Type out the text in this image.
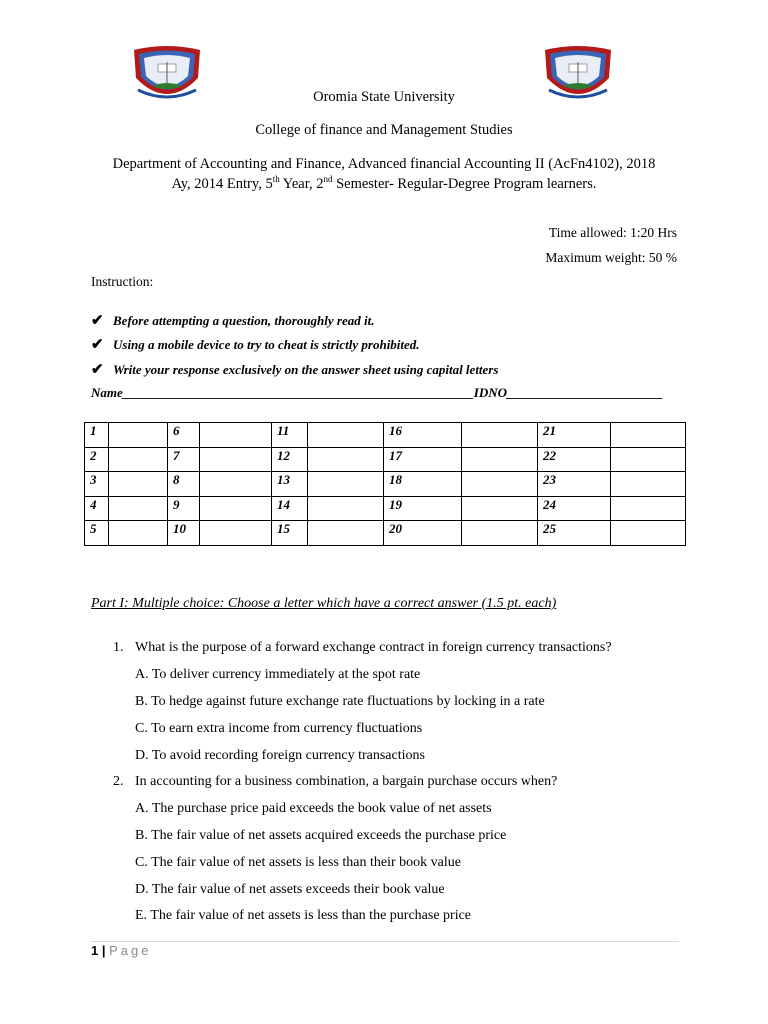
Oromia State University
College of finance and Management Studies
Department of Accounting and Finance, Advanced financial Accounting II (AcFn4102), 2018
Ay, 2014 Entry, 5th Year, 2nd Semester- Regular-Degree Program learners.
Time allowed: 1:20 Hrs
Maximum weight: 50 %
Instruction:
✔ Before attempting a question, thoroughly read it.
✔ Using a mobile device to try to cheat is strictly prohibited.
✔ Write your response exclusively on the answer sheet using capital letters
Name______________________________________________________IDNO________________________
1		6		11		16		21	
2		7		12		17		22	
3		8		13		18		23	
4		9		14		19		24	
5		10		15		20		25	
Part I: Multiple choice: Choose a letter which have a correct answer (1.5 pt. each)
1. What is the purpose of a forward exchange contract in foreign currency transactions?
A. To deliver currency immediately at the spot rate
B. To hedge against future exchange rate fluctuations by locking in a rate
C. To earn extra income from currency fluctuations
D. To avoid recording foreign currency transactions
2. In accounting for a business combination, a bargain purchase occurs when?
A. The purchase price paid exceeds the book value of net assets
B. The fair value of net assets acquired exceeds the purchase price
C. The fair value of net assets is less than their book value
D. The fair value of net assets exceeds their book value
E. The fair value of net assets is less than the purchase price
1 | Page
